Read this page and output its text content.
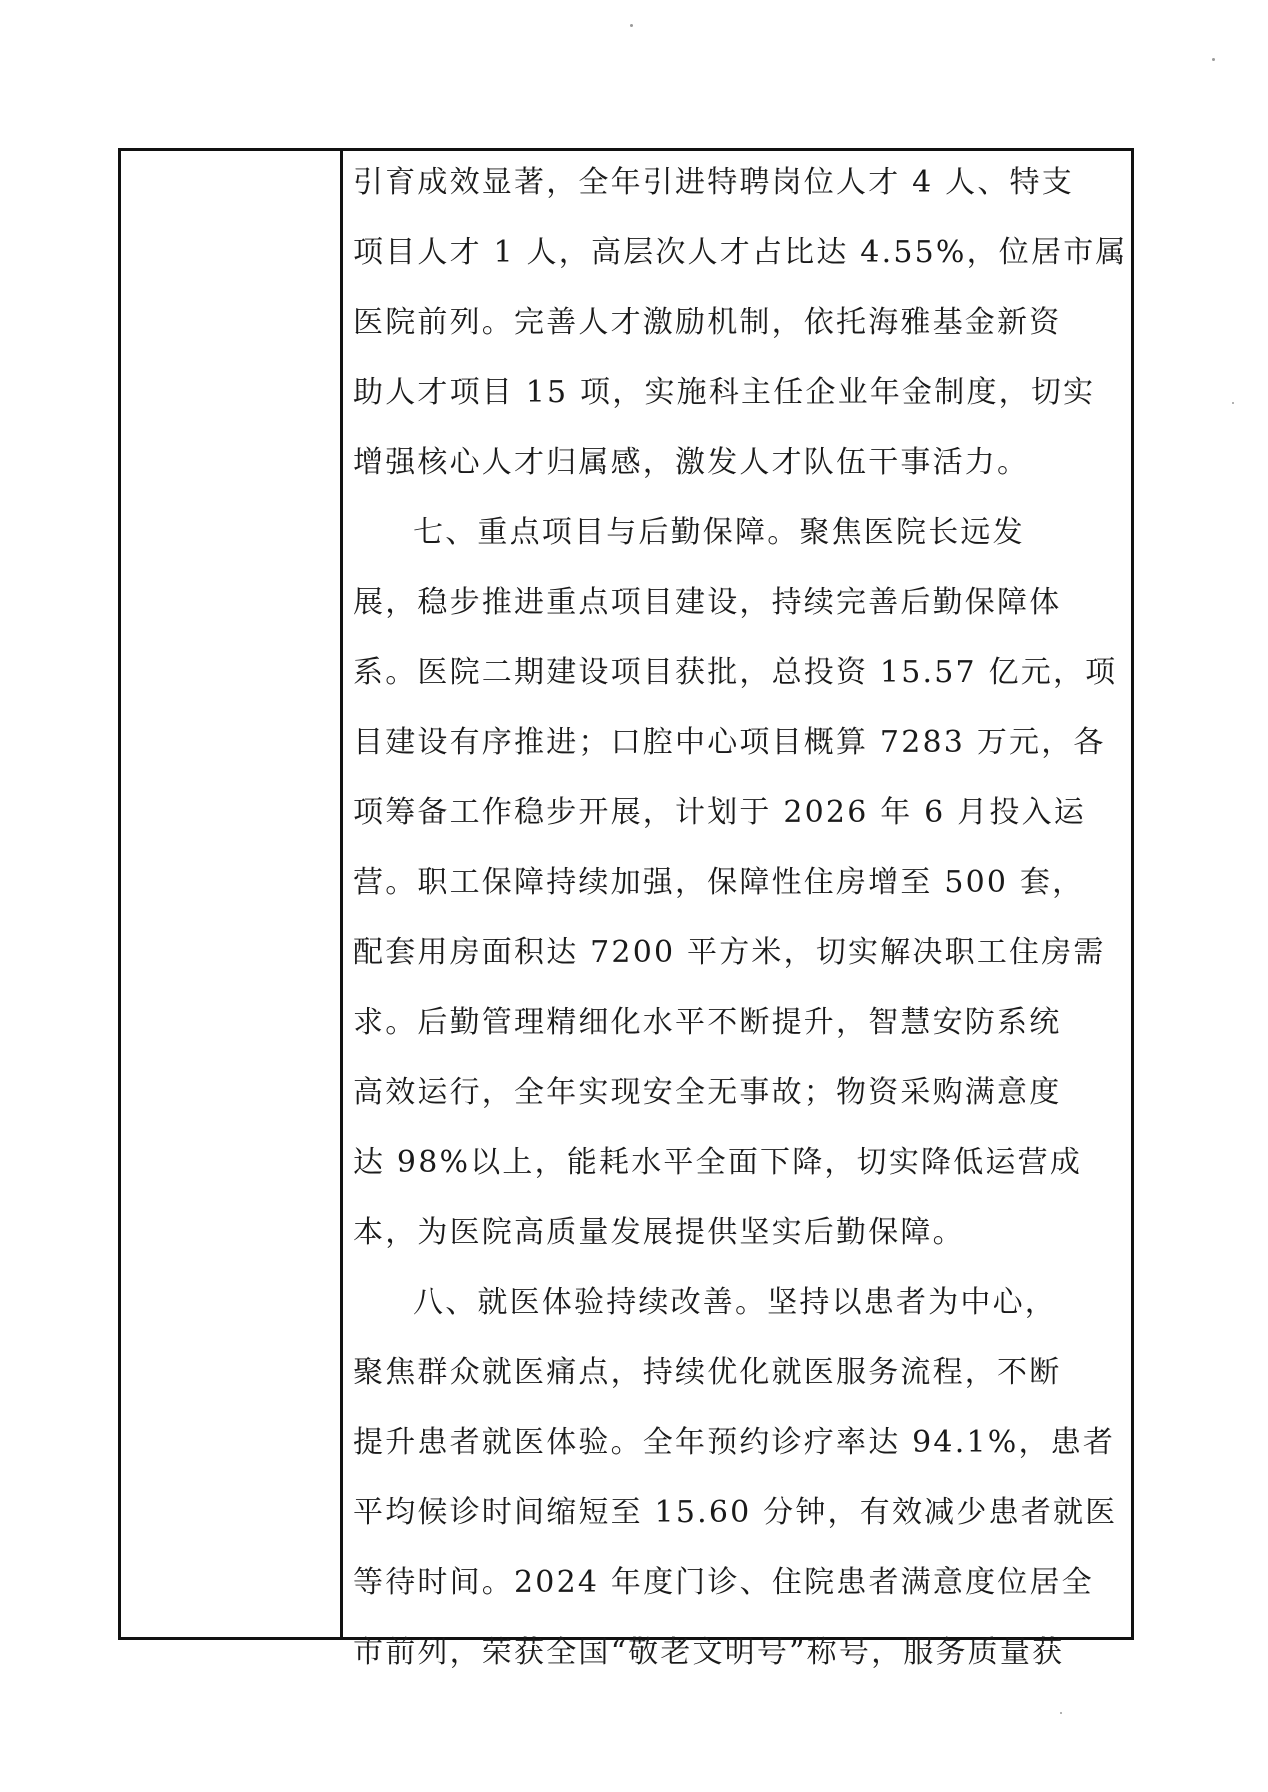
引育成效显著，全年引进特聘岗位人才 4 人、特支
项目人才 1 人，高层次人才占比达 4.55%，位居市属
医院前列。完善人才激励机制，依托海雅基金新资
助人才项目 15 项，实施科主任企业年金制度，切实
增强核心人才归属感，激发人才队伍干事活力。
七、重点项目与后勤保障。聚焦医院长远发
展，稳步推进重点项目建设，持续完善后勤保障体
系。医院二期建设项目获批，总投资 15.57 亿元，项
目建设有序推进；口腔中心项目概算 7283 万元，各
项筹备工作稳步开展，计划于 2026 年 6 月投入运
营。职工保障持续加强，保障性住房增至 500 套，
配套用房面积达 7200 平方米，切实解决职工住房需
求。后勤管理精细化水平不断提升，智慧安防系统
高效运行，全年实现安全无事故；物资采购满意度
达 98%以上，能耗水平全面下降，切实降低运营成
本，为医院高质量发展提供坚实后勤保障。
八、就医体验持续改善。坚持以患者为中心，
聚焦群众就医痛点，持续优化就医服务流程，不断
提升患者就医体验。全年预约诊疗率达 94.1%，患者
平均候诊时间缩短至 15.60 分钟，有效减少患者就医
等待时间。2024 年度门诊、住院患者满意度位居全
市前列，荣获全国“敬老文明号”称号，服务质量获
